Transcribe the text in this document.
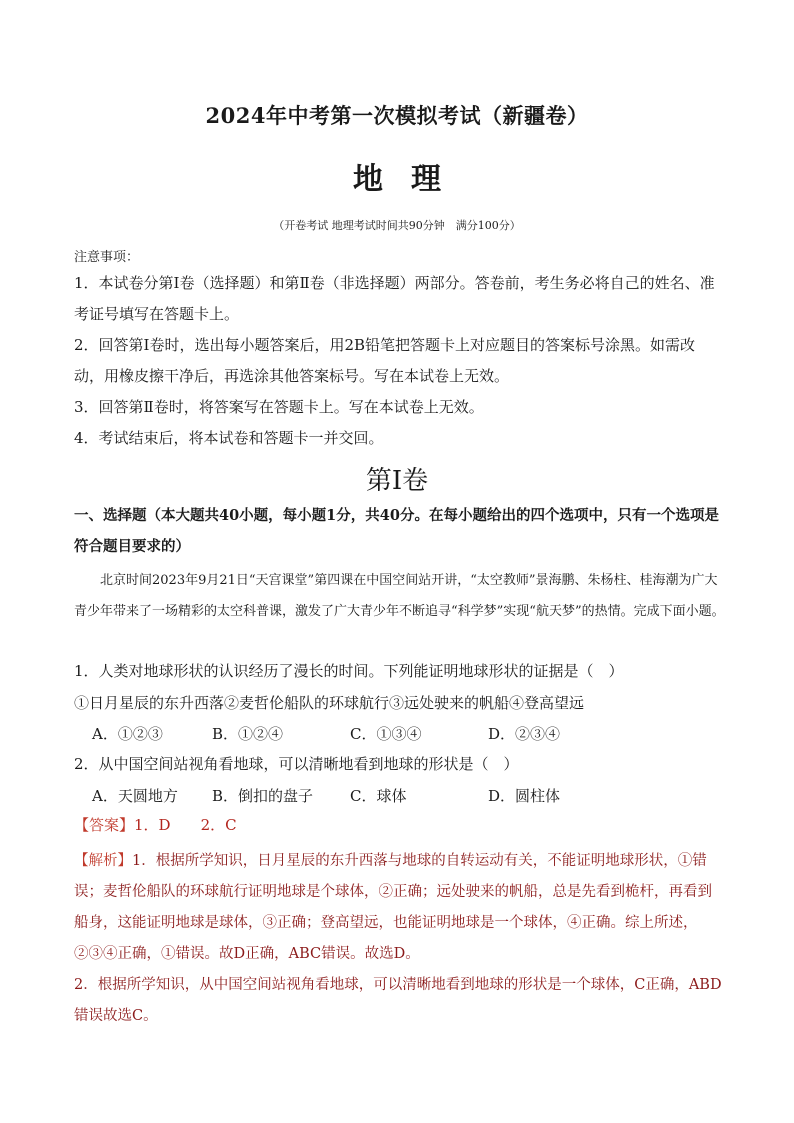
2024年中考第一次模拟考试（新疆卷）
地理
（开卷考试 地理考试时间共90分钟　满分100分）
注意事项：
1．本试卷分第Ⅰ卷（选择题）和第Ⅱ卷（非选择题）两部分。答卷前，考生务必将自己的姓名、准考证号填写在答题卡上。
2．回答第Ⅰ卷时，选出每小题答案后，用2B铅笔把答题卡上对应题目的答案标号涂黑。如需改动，用橡皮擦干净后，再选涂其他答案标号。写在本试卷上无效。
3．回答第Ⅱ卷时，将答案写在答题卡上。写在本试卷上无效。
4．考试结束后，将本试卷和答题卡一并交回。
第Ⅰ卷
一、选择题（本大题共40小题，每小题1分，共40分。在每小题给出的四个选项中，只有一个选项是符合题目要求的）
北京时间2023年9月21日“天宫课堂”第四课在中国空间站开讲，“太空教师”景海鹏、朱杨柱、桂海潮为广大青少年带来了一场精彩的太空科普课，激发了广大青少年不断追寻“科学梦”实现“航天梦”的热情。完成下面小题。
1．人类对地球形状的认识经历了漫长的时间。下列能证明地球形状的证据是（　）
①日月星辰的东升西落②麦哲伦船队的环球航行③远处驶来的帆船④登高望远
A．①②③	B．①②④	C．①③④	D．②③④
2．从中国空间站视角看地球，可以清晰地看到地球的形状是（　）
A．天圆地方 B．倒扣的盘子 C．球体	D．圆柱体
【答案】1．D　　2．C
【解析】1．根据所学知识，日月星辰的东升西落与地球的自转运动有关，不能证明地球形状，①错误；麦哲伦船队的环球航行证明地球是个球体，②正确；远处驶来的帆船，总是先看到桅杆，再看到船身，这能证明地球是球体，③正确；登高望远，也能证明地球是一个球体，④正确。综上所述，②③④正确，①错误。故D正确，ABC错误。故选D。
2．根据所学知识，从中国空间站视角看地球，可以清晰地看到地球的形状是一个球体，C正确，ABD错误故选C。
